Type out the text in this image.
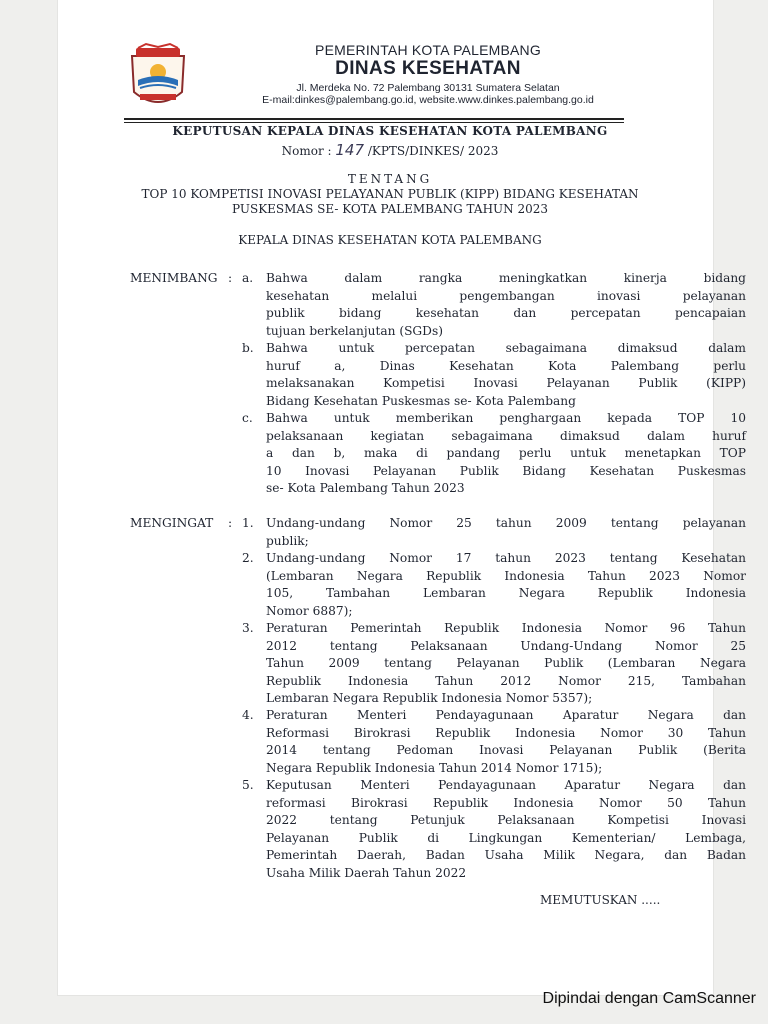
PEMERINTAH KOTA PALEMBANG

DINAS KESEHATAN

Jl. Merdeka No. 72 Palembang 30131 Sumatera Selatan

E-mail:dinkes@palembang.go.id, website.www.dinkes.palembang.go.id

KEPUTUSAN KEPALA DINAS KESEHATAN KOTA PALEMBANG
Nomor : 147 /KPTS/DINKES/ 2023
TENTANG
TOP 10 KOMPETISI INOVASI PELAYANAN PUBLIK (KIPP) BIDANG KESEHATAN
PUSKESMAS SE- KOTA PALEMBANG TAHUN 2023
KEPALA DINAS KESEHATAN KOTA PALEMBANG
MENIMBANG : a. Bahwa dalam rangka meningkatkan kinerja bidang
kesehatan melalui pengembangan inovasi pelayanan
publik bidang kesehatan dan percepatan pencapaian
tujuan berkelanjutan (SGDs)
b. Bahwa untuk percepatan sebagaimana dimaksud dalam
huruf a, Dinas Kesehatan Kota Palembang perlu
melaksanakan Kompetisi Inovasi Pelayanan Publik (KIPP)
Bidang Kesehatan Puskesmas se- Kota Palembang
c. Bahwa untuk memberikan penghargaan kepada TOP 10
pelaksanaan kegiatan sebagaimana dimaksud dalam huruf
a dan b, maka di pandang perlu untuk menetapkan TOP
10 Inovasi Pelayanan Publik Bidang Kesehatan Puskesmas
se- Kota Palembang Tahun 2023
MENGINGAT : 1. Undang-undang Nomor 25 tahun 2009 tentang pelayanan
publik;
2. Undang-undang Nomor 17 tahun 2023 tentang Kesehatan
(Lembaran Negara Republik Indonesia Tahun 2023 Nomor
105, Tambahan Lembaran Negara Republik Indonesia
Nomor 6887);
3. Peraturan Pemerintah Republik Indonesia Nomor 96 Tahun
2012 tentang Pelaksanaan Undang-Undang Nomor 25
Tahun 2009 tentang Pelayanan Publik (Lembaran Negara
Republik Indonesia Tahun 2012 Nomor 215, Tambahan
Lembaran Negara Republik Indonesia Nomor 5357);
4. Peraturan Menteri Pendayagunaan Aparatur Negara dan
Reformasi Birokrasi Republik Indonesia Nomor 30 Tahun
2014 tentang Pedoman Inovasi Pelayanan Publik (Berita
Negara Republik Indonesia Tahun 2014 Nomor 1715);
5. Keputusan Menteri Pendayagunaan Aparatur Negara dan
reformasi Birokrasi Republik Indonesia Nomor 50 Tahun
2022 tentang Petunjuk Pelaksanaan Kompetisi Inovasi
Pelayanan Publik di Lingkungan Kementerian/ Lembaga,
Pemerintah Daerah, Badan Usaha Milik Negara, dan Badan
Usaha Milik Daerah Tahun 2022
MEMUTUSKAN .....
Dipindai dengan CamScanner
